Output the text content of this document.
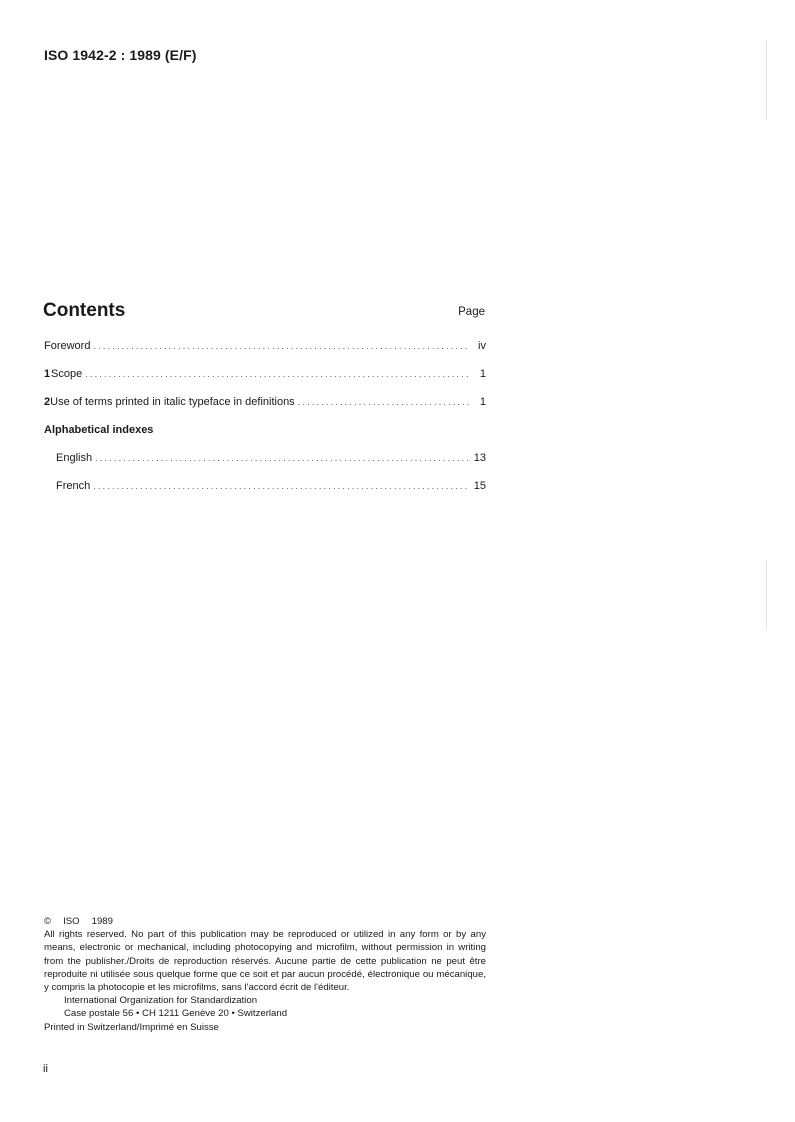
ISO 1942-2 : 1989 (E/F)
Contents	Page
Foreword .....	iv
1 Scope .....	1
2 Use of terms printed in italic typeface in definitions .....	1
Alphabetical indexes
English .....	13
French .....	15
© ISO 1989
All rights reserved. No part of this publication may be reproduced or utilized in any form or by any means, electronic or mechanical, including photocopying and microfilm, without permission in writing from the publisher./Droits de reproduction réservés. Aucune partie de cette publication ne peut être reproduite ni utilisée sous quelque forme que ce soit et par aucun procédé, électronique ou mécanique, y compris la photocopie et les microfilms, sans l'accord écrit de l'éditeur.
International Organization for Standardization
Case postale 56 • CH 1211 Genève 20 • Switzerland
Printed in Switzerland/Imprimé en Suisse
ii
